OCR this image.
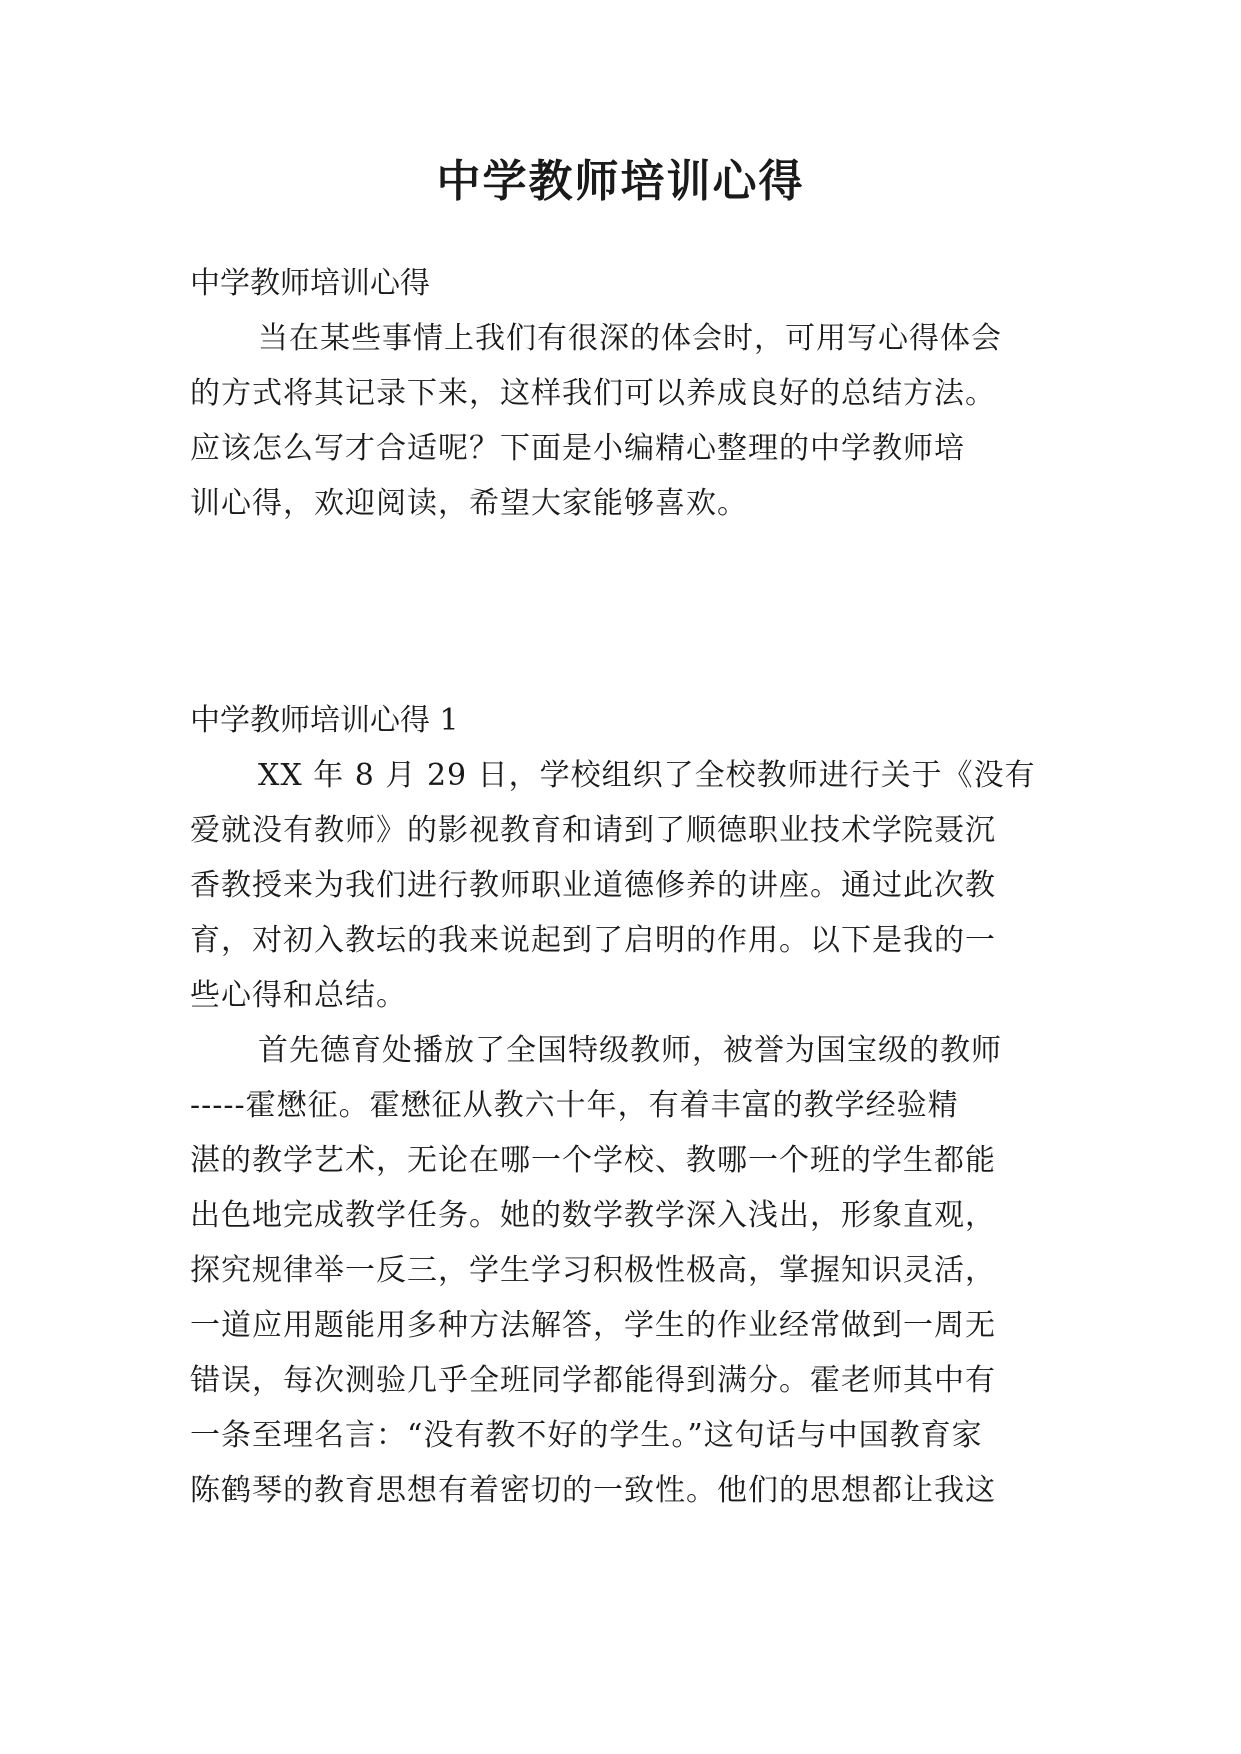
中学教师培训心得
中学教师培训心得
当在某些事情上我们有很深的体会时，可用写心得体会
的方式将其记录下来，这样我们可以养成良好的总结方法。
应该怎么写才合适呢？下面是小编精心整理的中学教师培
训心得，欢迎阅读，希望大家能够喜欢。
中学教师培训心得 1
XX 年 8 月 29 日，学校组织了全校教师进行关于《没有
爱就没有教师》的影视教育和请到了顺德职业技术学院聂沉
香教授来为我们进行教师职业道德修养的讲座。通过此次教
育，对初入教坛的我来说起到了启明的作用。以下是我的一
些心得和总结。
首先德育处播放了全国特级教师，被誉为国宝级的教师
-----霍懋征。霍懋征从教六十年，有着丰富的教学经验精
湛的教学艺术，无论在哪一个学校、教哪一个班的学生都能
出色地完成教学任务。她的数学教学深入浅出，形象直观，
探究规律举一反三，学生学习积极性极高，掌握知识灵活，
一道应用题能用多种方法解答，学生的作业经常做到一周无
错误，每次测验几乎全班同学都能得到满分。霍老师其中有
一条至理名言：“没有教不好的学生。”这句话与中国教育家
陈鹤琴的教育思想有着密切的一致性。他们的思想都让我这
